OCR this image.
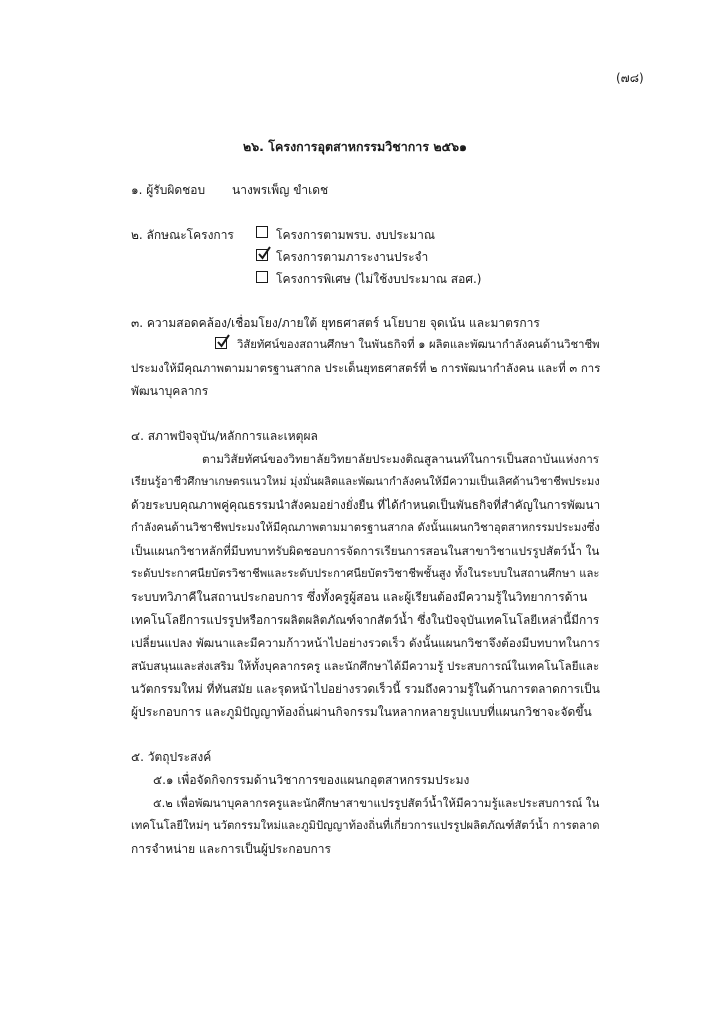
(๗๘)
๒๖. โครงการอุตสาหกรรมวิชาการ ๒๕๖๑
๑. ผู้รับผิดชอบ นางพรเพ็ญ ขำเดช
๒. ลักษณะโครงการ	โครงการตามพรบ. งบประมาณ
โครงการตามภาระงานประจำ
โครงการพิเศษ (ไม่ใช้งบประมาณ สอศ.)
๓. ความสอดคล้อง/เชื่อมโยง/ภายใต้ ยุทธศาสตร์ นโยบาย จุดเน้น และมาตรการ
วิสัยทัศน์ของสถานศึกษา ในพันธกิจที่ ๑ ผลิตและพัฒนากำลังคนด้านวิชาชีพ
ประมงให้มีคุณภาพตามมาตรฐานสากล ประเด็นยุทธศาสตร์ที่ ๒ การพัฒนากำลังคน และที่ ๓ การ
พัฒนาบุคลากร
๔. สภาพปัจจุบัน/หลักการและเหตุผล
ตามวิสัยทัศน์ของวิทยาลัยวิทยาลัยประมงติณสูลานนท์ในการเป็นสถาบันแห่งการ
เรียนรู้อาชีวศึกษาเกษตรแนวใหม่ มุ่งมั่นผลิตและพัฒนากำลังคนให้มีความเป็นเลิศด้านวิชาชีพประมง
ด้วยระบบคุณภาพคู่คุณธรรมนำสังคมอย่างยั่งยืน ที่ได้กำหนดเป็นพันธกิจที่สำคัญในการพัฒนา
กำลังคนด้านวิชาชีพประมงให้มีคุณภาพตามมาตรฐานสากล ดังนั้นแผนกวิชาอุตสาหกรรมประมงซึ่ง
เป็นแผนกวิชาหลักที่มีบทบาทรับผิดชอบการจัดการเรียนการสอนในสาขาวิชาแปรรูปสัตว์น้ำ ใน
ระดับประกาศนียบัตรวิชาชีพและระดับประกาศนียบัตรวิชาชีพชั้นสูง ทั้งในระบบในสถานศึกษา และ
ระบบทวิภาคีในสถานประกอบการ ซึ่งทั้งครูผู้สอน และผู้เรียนต้องมีความรู้ในวิทยาการด้าน
เทคโนโลยีการแปรรูปหรือการผลิตผลิตภัณฑ์จากสัตว์น้ำ ซึ่งในปัจจุบันเทคโนโลยีเหล่านี้มีการ
เปลี่ยนแปลง พัฒนาและมีความก้าวหน้าไปอย่างรวดเร็ว ดังนั้นแผนกวิชาจึงต้องมีบทบาทในการ
สนับสนุนและส่งเสริม ให้ทั้งบุคลากรครู และนักศึกษาได้มีความรู้ ประสบการณ์ในเทคโนโลยีและ
นวัตกรรมใหม่ ที่ทันสมัย และรุดหน้าไปอย่างรวดเร็วนี้ รวมถึงความรู้ในด้านการตลาดการเป็น
ผู้ประกอบการ และภูมิปัญญาท้องถิ่นผ่านกิจกรรมในหลากหลายรูปแบบที่แผนกวิชาจะจัดขึ้น
๕. วัตถุประสงค์
๕.๑ เพื่อจัดกิจกรรมด้านวิชาการของแผนกอุตสาหกรรมประมง
๕.๒ เพื่อพัฒนาบุคลากรครูและนักศึกษาสาขาแปรรูปสัตว์น้ำให้มีความรู้และประสบการณ์ ใน
เทคโนโลยีใหม่ๆ นวัตกรรมใหม่และภูมิปัญญาท้องถิ่นที่เกี่ยวการแปรรูปผลิตภัณฑ์สัตว์น้ำ การตลาด
การจำหน่าย และการเป็นผู้ประกอบการ
